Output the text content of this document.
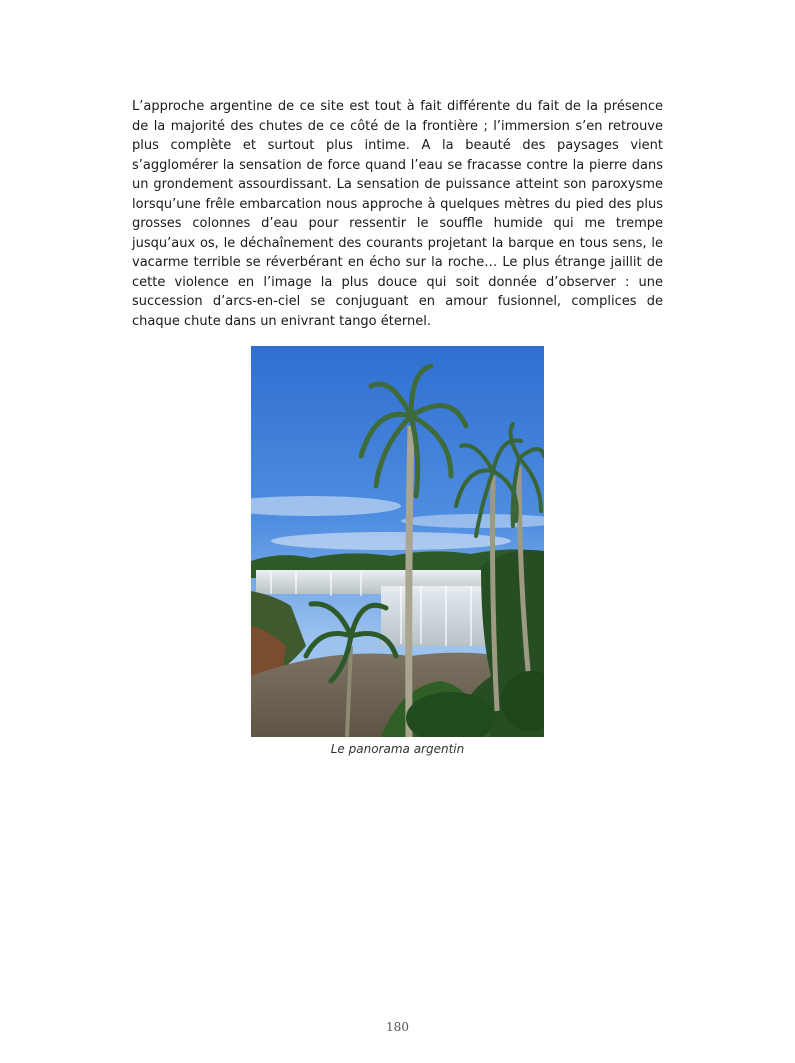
L’approche argentine de ce site est tout à fait différente du fait de la présence de la majorité des chutes de ce côté de la frontière ; l’immersion s’en retrouve plus complète et surtout plus intime. A la beauté des paysages vient s’agglomérer la sensation de force quand l’eau se fracasse contre la pierre dans un grondement assourdissant. La sensation de puissance atteint son paroxysme lorsqu’une frêle embarcation nous approche à quelques mètres du pied des plus grosses colonnes d’eau pour ressentir le souffle humide qui me trempe jusqu’aux os, le déchaînement des courants projetant la barque en tous sens, le vacarme terrible se réverbérant en écho sur la roche… Le plus étrange jaillit de cette violence en l’image la plus douce qui soit donnée d’observer : une succession d’arcs-en-ciel se conjuguant en amour fusionnel, complices de chaque chute dans un enivrant tango éternel.

Le panorama argentin
180
